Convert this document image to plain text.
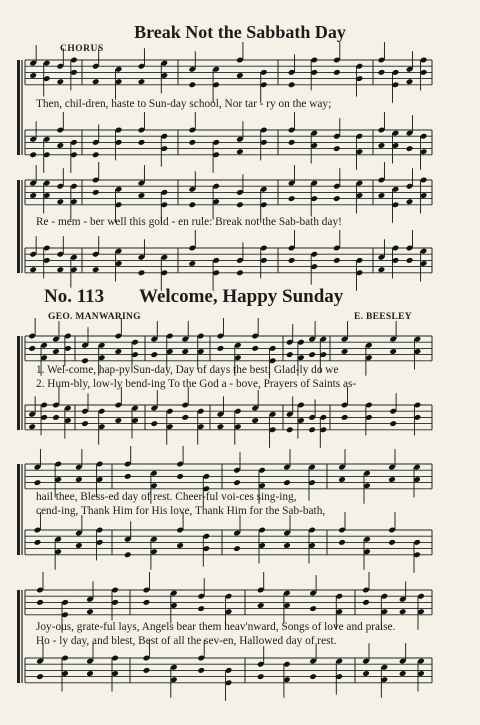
Break Not the Sabbath Day
CHORUS
Then, chil-dren, haste to Sun-day school, Nor tar - ry on the way;
Re - mem - ber well this gold - en rule: Break not the Sab-bath day!
No. 113 Welcome, Happy Sunday
GEO. MANWARING	E. BEESLEY
1. Wel-come, hap-py Sun-day, Day of days the best; Glad-ly do we
2. Hum-bly, low-ly bend-ing To the God a - bove, Prayers of Saints as-
hail thee, Bless-ed day of rest. Cheer-ful voi-ces sing-ing,
cend-ing, Thank Him for His love, Thank Him for the Sab-bath,
Joy-ous, grate-ful lays, Angels bear them heav'nward, Songs of love and praise.
Ho - ly day, and blest, Best of all the sev-en, Hallowed day of rest.
